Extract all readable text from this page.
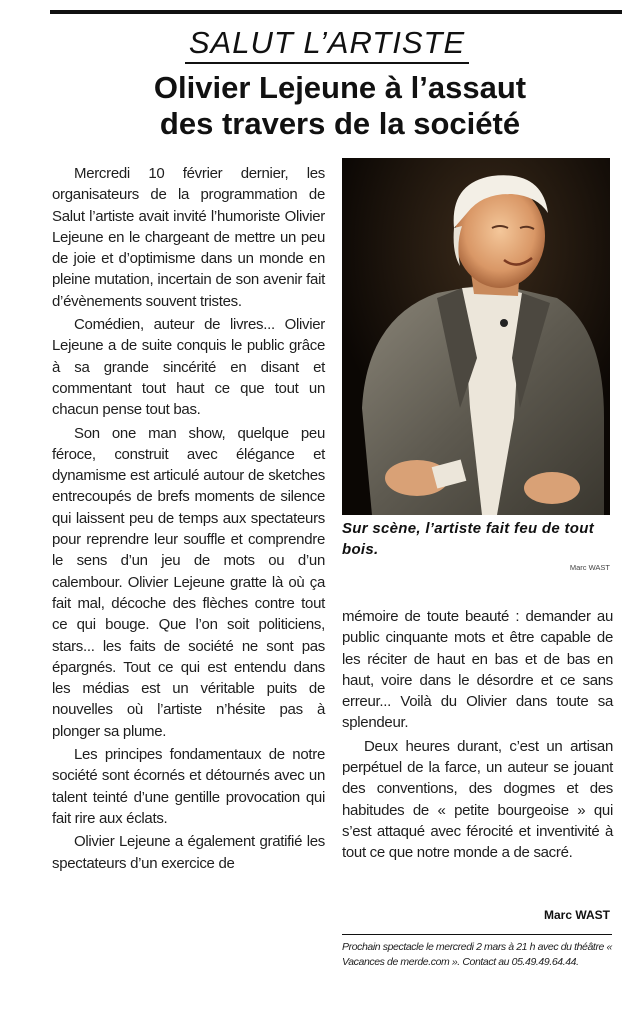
SALUT L’ARTISTE
Olivier Lejeune à l’assaut
des travers de la société

Mercredi 10 février dernier, les organisateurs de la programmation de Salut l’artiste avait invité l’humoriste Olivier Lejeune en le chargeant de mettre un peu de joie et d’optimisme dans un monde en pleine mutation, incertain de son avenir fait d’évènements souvent tristes.

Comédien, auteur de livres... Olivier Lejeune a de suite conquis le public grâce à sa grande sincérité en disant et commentant tout haut ce que tout un chacun pense tout bas.

Son one man show, quelque peu féroce, construit avec élégance et dynamisme est articulé autour de sketches entrecoupés de brefs moments de silence qui laissent peu de temps aux spectateurs pour reprendre leur souffle et comprendre le sens d’un jeu de mots ou d’un calembour. Olivier Lejeune gratte là où ça fait mal, décoche des flèches contre tout ce qui bouge. Que l’on soit politiciens, stars... les faits de société ne sont pas épargnés. Tout ce qui est entendu dans les médias est un véritable puits de nouvelles où l’artiste n’hésite pas à plonger sa plume.

Les principes fondamentaux de notre société sont écornés et détournés avec un talent teinté d’une gentille provocation qui fait rire aux éclats.

Olivier Lejeune a également gratifié les spectateurs d’un exercice de

Sur scène, l’artiste fait feu de tout bois.
Marc WAST

mémoire de toute beauté : demander au public cinquante mots et être capable de les réciter de haut en bas et de bas en haut, voire dans le désordre et ce sans erreur... Voilà du Olivier dans toute sa splendeur.

Deux heures durant, c’est un artisan perpétuel de la farce, un auteur se jouant des conventions, des dogmes et des habitudes de « petite bourgeoise » qui s’est attaqué avec férocité et inventivité à tout ce que notre monde a de sacré.

Marc WAST
Prochain spectacle le mercredi 2 mars à 21 h avec du théâtre « Vacances de merde.com ». Contact au 05.49.49.64.44.
